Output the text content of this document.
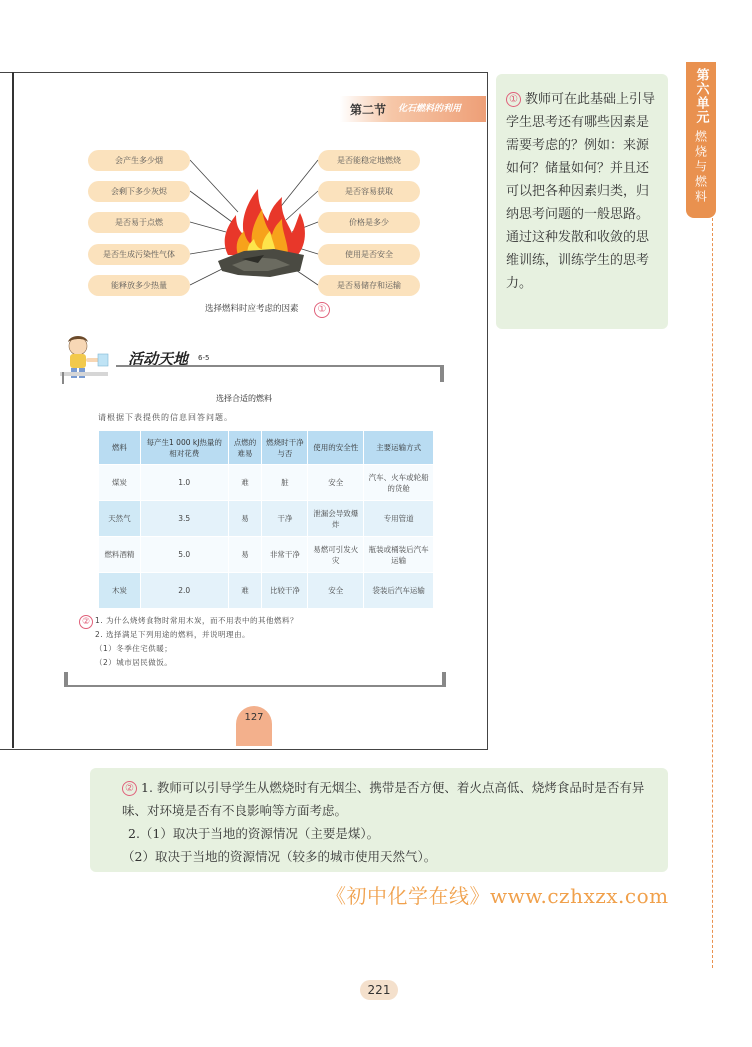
第六单元
燃烧与燃料
第二节 化石燃料的利用
会产生多少烟
会剩下多少灰烬
是否易于点燃
是否生成污染性气体
能释放多少热量
是否能稳定地燃烧
是否容易获取
价格是多少
使用是否安全
是否易储存和运输
选择燃料时应考虑的因素	①
活动天地 6-5
选择合适的燃料
请根据下表提供的信息回答问题。
燃料	每产生1 000 kJ热量的相对花费	点燃的难易	燃烧时干净与否	使用的安全性	主要运输方式
煤炭	1.0	难	脏	安全	汽车、火车或轮船的货舱
天然气	3.5	易	干净	泄漏会导致爆炸	专用管道
燃料酒精	5.0	易	非常干净	易燃可引发火灾	瓶装或桶装后汽车运输
木炭	2.0	难	比较干净	安全	袋装后汽车运输
② 1. 为什么烧烤食物时常用木炭，而不用表中的其他燃料？
2. 选择满足下列用途的燃料，并说明理由。
（1）冬季住宅供暖；
（2）城市居民做饭。
127
① 教师可在此基础上引导学生思考还有哪些因素是需要考虑的？例如：来源如何？储量如何？并且还可以把各种因素归类，归纳思考问题的一般思路。通过这种发散和收敛的思维训练，训练学生的思考力。
② 1. 教师可以引导学生从燃烧时有无烟尘、携带是否方便、着火点高低、烧烤食品时是否有异味、对环境是否有不良影响等方面考虑。
2.（1）取决于当地的资源情况（主要是煤）。
（2）取决于当地的资源情况（较多的城市使用天然气）。
《初中化学在线》www.czhxzx.com
221
